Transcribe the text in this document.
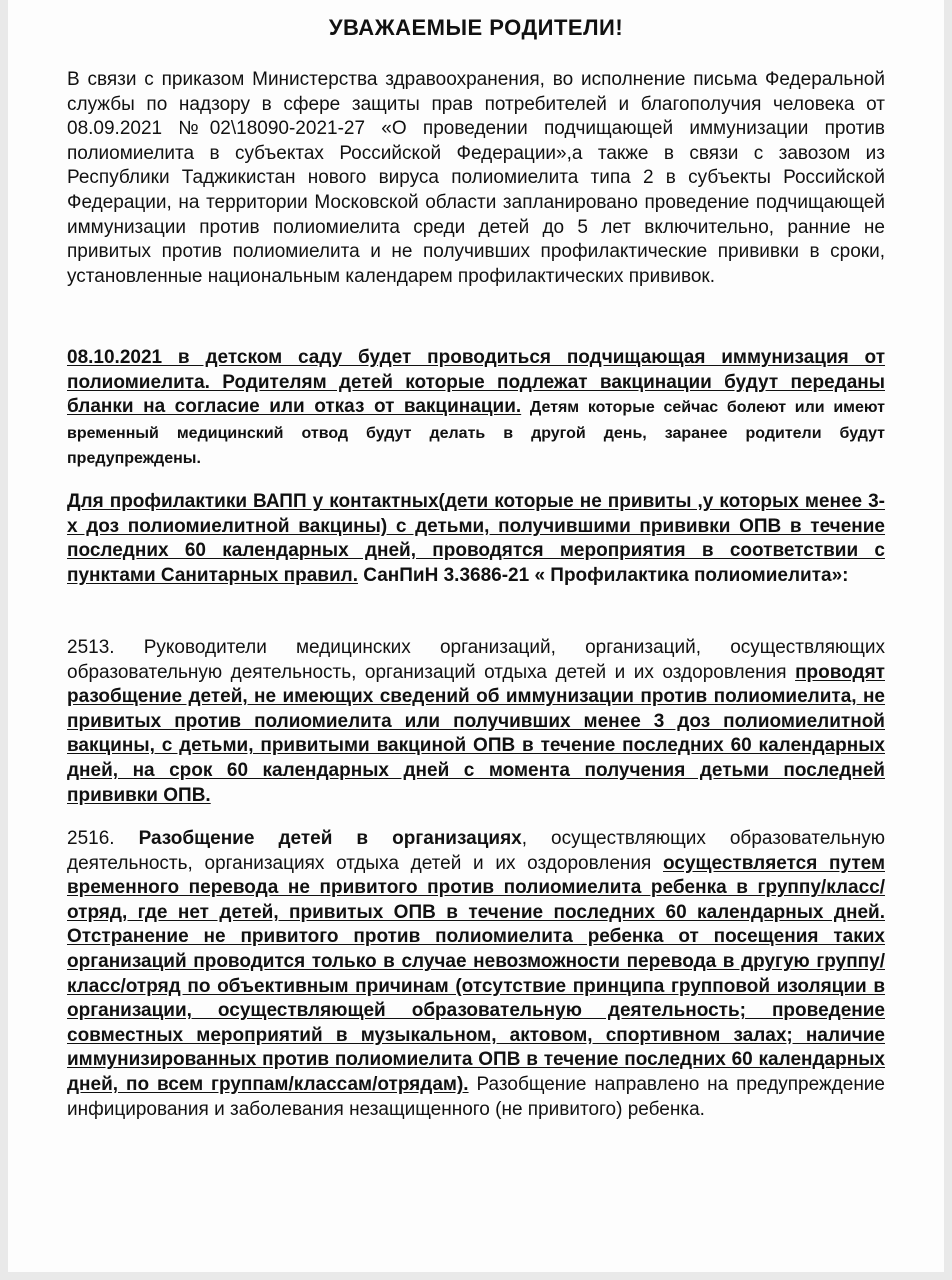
УВАЖАЕМЫЕ РОДИТЕЛИ!
В связи с приказом Министерства здравоохранения, во исполнение письма Федеральной службы по надзору в сфере защиты прав потребителей и благополучия человека от 08.09.2021 №02\18090-2021-27 «О проведении подчищающей иммунизации против полиомиелита в субъектах Российской Федерации»,а также в связи с завозом из Республики Таджикистан нового вируса полиомиелита типа 2 в субъекты Российской Федерации, на территории Московской области запланировано проведение подчищающей иммунизации против полиомиелита среди детей до 5 лет включительно, ранние не привитых против полиомиелита и не получивших профилактические прививки в сроки, установленные национальным календарем профилактических прививок.
08.10.2021 в детском саду будет проводиться подчищающая иммунизация от полиомиелита. Родителям детей которые подлежат вакцинации будут переданы бланки на согласие или отказ от вакцинации. Детям которые сейчас болеют или имеют временный медицинский отвод будут делать в другой день, заранее родители будут предупреждены.
Для профилактики ВАПП у контактных(дети которые не привиты ,у которых менее 3-х доз полиомиелитной вакцины) с детьми, получившими прививки ОПВ в течение последних 60 календарных дней, проводятся мероприятия в соответствии с пунктами Санитарных правил. СанПиН 3.3686-21 « Профилактика полиомиелита»:
2513. Руководители медицинских организаций, организаций, осуществляющих образовательную деятельность, организаций отдыха детей и их оздоровления проводят разобщение детей, не имеющих сведений об иммунизации против полиомиелита, не привитых против полиомиелита или получивших менее 3 доз полиомиелитной вакцины, с детьми, привитыми вакциной ОПВ в течение последних 60 календарных дней, на срок 60 календарных дней с момента получения детьми последней прививки ОПВ.
2516. Разобщение детей в организациях, осуществляющих образовательную деятельность, организациях отдыха детей и их оздоровления осуществляется путем временного перевода не привитого против полиомиелита ребенка в группу/класс/отряд, где нет детей, привитых ОПВ в течение последних 60 календарных дней. Отстранение не привитого против полиомиелита ребенка от посещения таких организаций проводится только в случае невозможности перевода в другую группу/класс/отряд по объективным причинам (отсутствие принципа групповой изоляции в организации, осуществляющей образовательную деятельность; проведение совместных мероприятий в музыкальном, актовом, спортивном залах; наличие иммунизированных против полиомиелита ОПВ в течение последних 60 календарных дней, по всем группам/классам/отрядам). Разобщение направлено на предупреждение инфицирования и заболевания незащищенного (не привитого) ребенка.
